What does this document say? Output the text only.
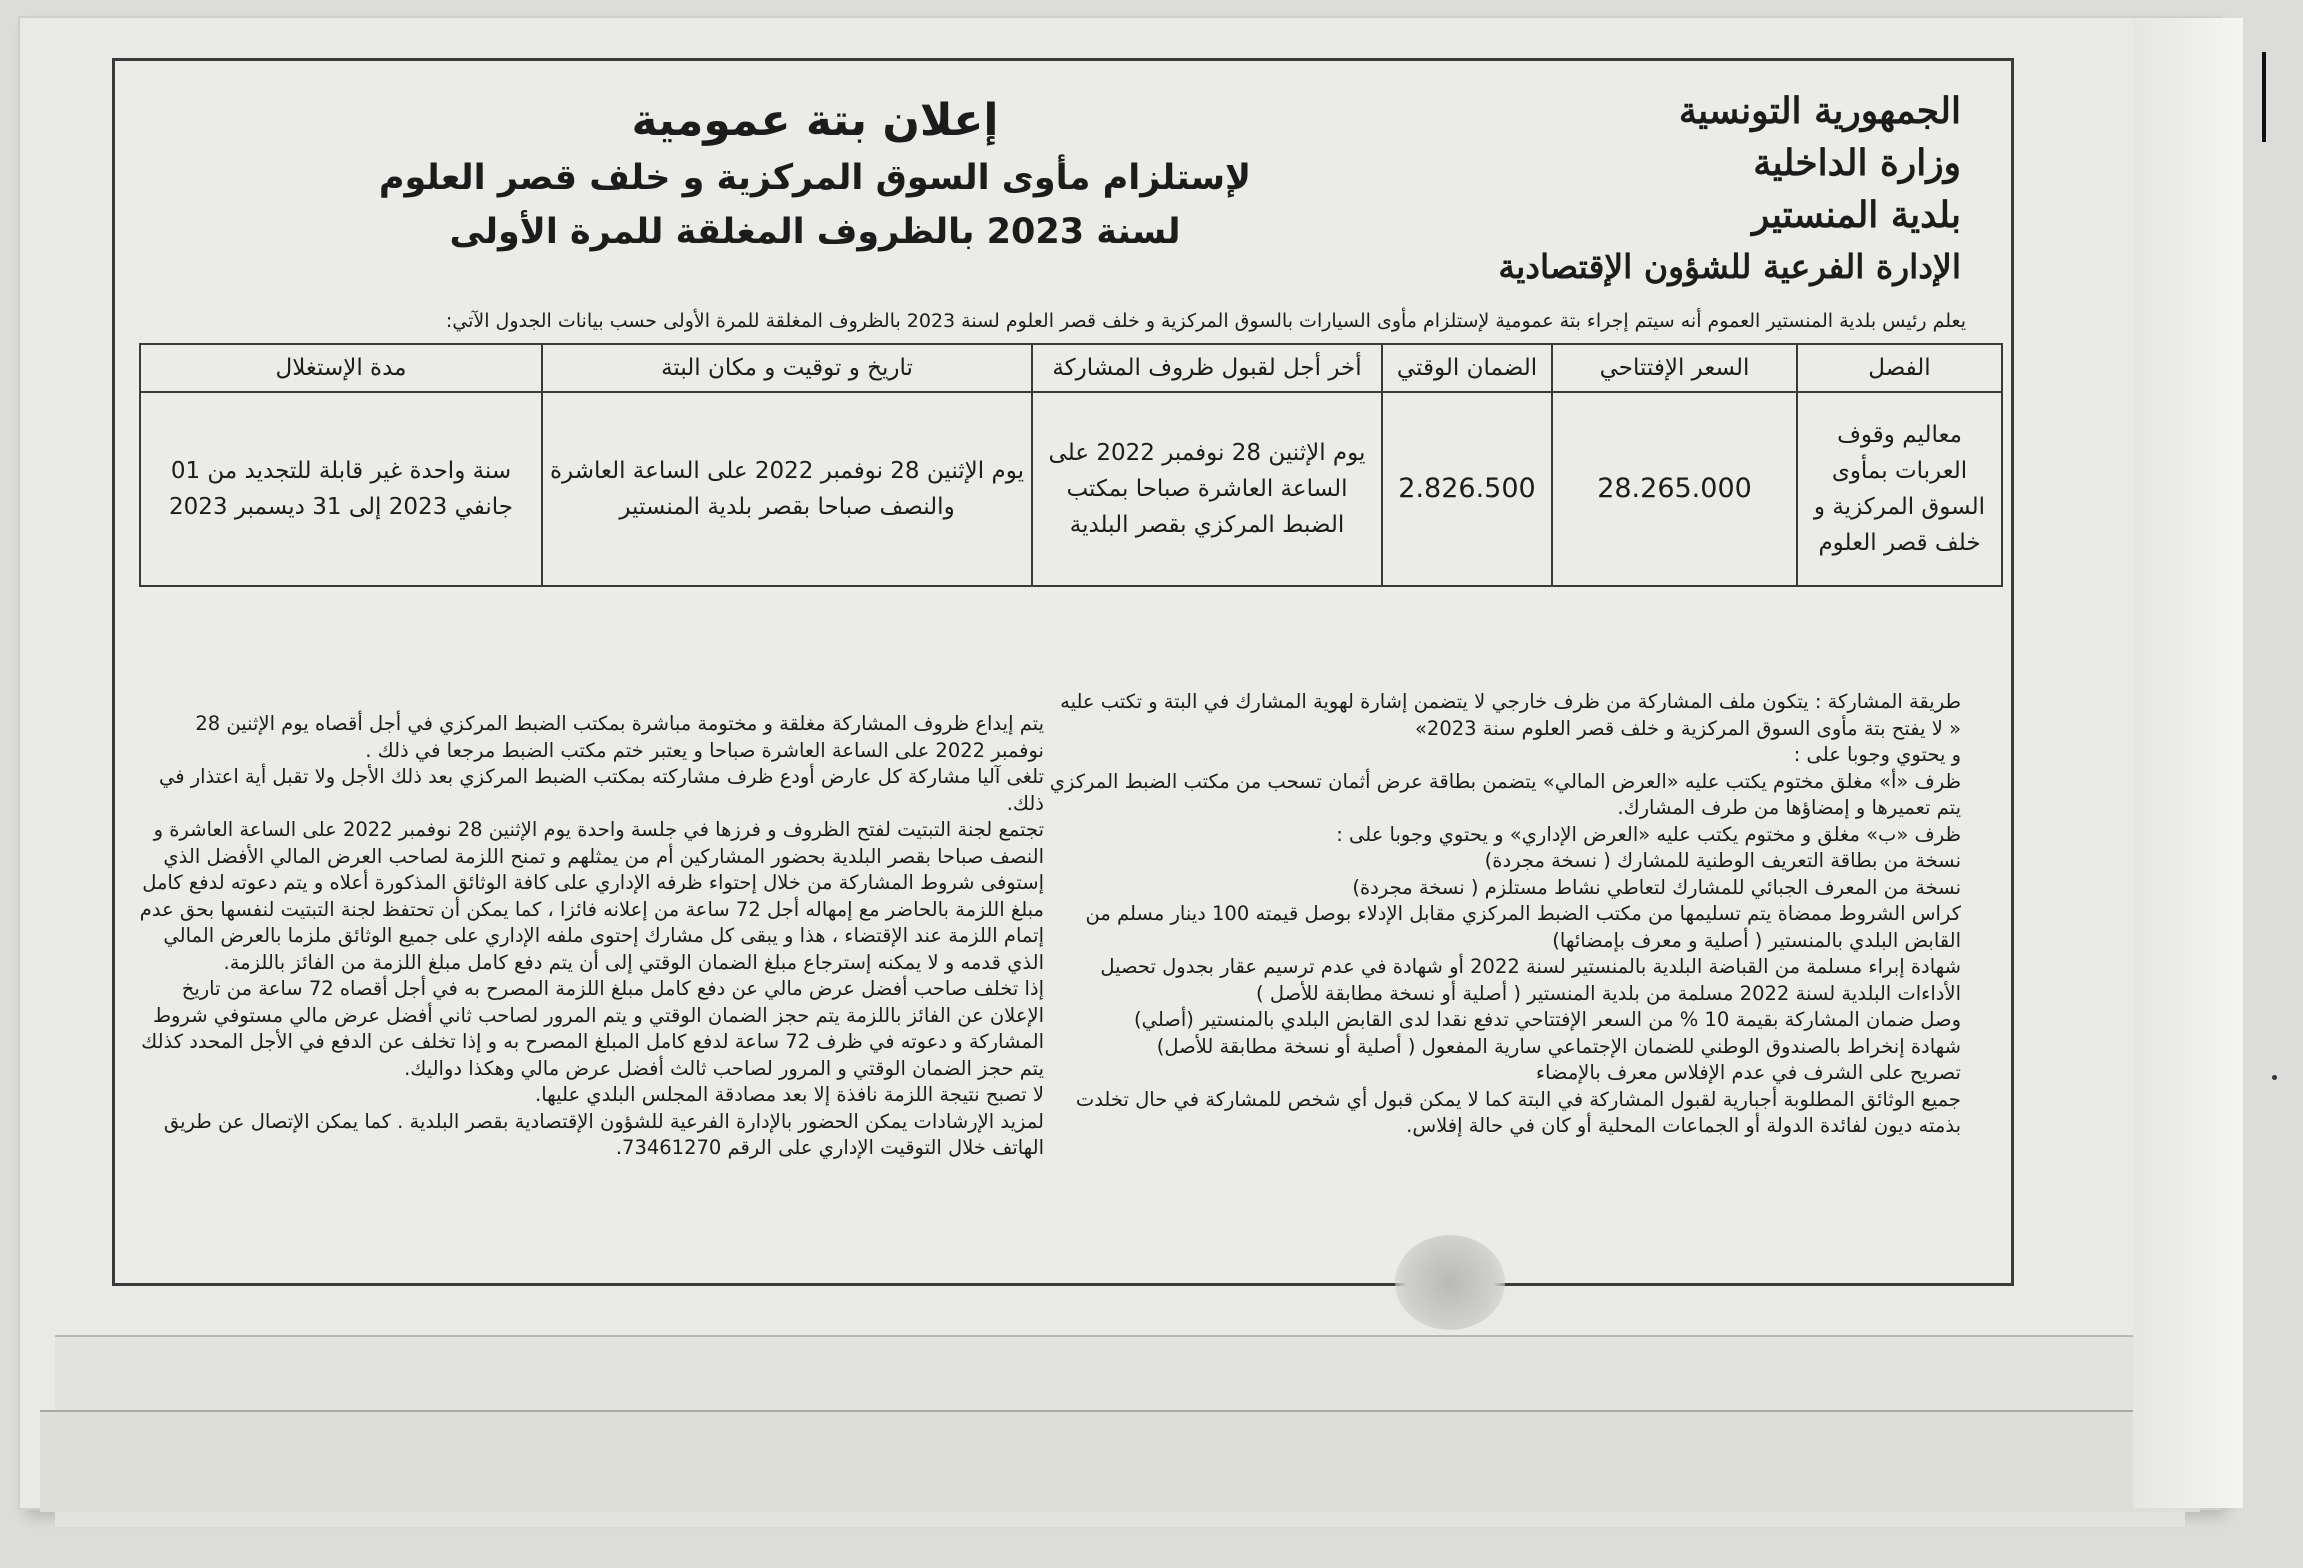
الجمهورية التونسية
وزارة الداخلية
بلدية المنستير
الإدارة الفرعية للشؤون الإقتصادية
إعلان بتة عمومية
لإستلزام مأوى السوق المركزية و خلف قصر العلوم
لسنة 2023 بالظروف المغلقة للمرة الأولى
يعلم رئيس بلدية المنستير العموم أنه سيتم إجراء بتة عمومية لإستلزام مأوى السيارات بالسوق المركزية و خلف قصر العلوم لسنة 2023 بالظروف المغلقة للمرة الأولى حسب بيانات الجدول الآتي:
الفصل	السعر الإفتتاحي	الضمان الوقتي	أخر أجل لقبول ظروف المشاركة	تاريخ و توقيت و مكان البتة	مدة الإستغلال
معاليم وقوف العربات بمأوى السوق المركزية و خلف قصر العلوم	28.265.000	2.826.500	يوم الإثنين 28 نوفمبر 2022 على الساعة العاشرة صباحا بمكتب الضبط المركزي بقصر البلدية	يوم الإثنين 28 نوفمبر 2022 على الساعة العاشرة والنصف صباحا بقصر بلدية المنستير	سنة واحدة غير قابلة للتجديد من 01 جانفي 2023 إلى 31 ديسمبر 2023

طريقة المشاركة : يتكون ملف المشاركة من ظرف خارجي لا يتضمن إشارة لهوية المشارك في البتة و تكتب عليه « لا يفتح بتة مأوى السوق المركزية و خلف قصر العلوم سنة 2023»

و يحتوي وجوبا على :

ظرف «أ» مغلق مختوم يكتب عليه «العرض المالي» يتضمن بطاقة عرض أثمان تسحب من مكتب الضبط المركزي يتم تعميرها و إمضاؤها من طرف المشارك.

ظرف «ب» مغلق و مختوم يكتب عليه «العرض الإداري» و يحتوي وجوبا على :

نسخة من بطاقة التعريف الوطنية للمشارك ( نسخة مجردة)

نسخة من المعرف الجبائي للمشارك لتعاطي نشاط مستلزم ( نسخة مجردة)

كراس الشروط ممضاة يتم تسليمها من مكتب الضبط المركزي مقابل الإدلاء بوصل قيمته 100 دينار مسلم من القابض البلدي بالمنستير ( أصلية و معرف بإمضائها)

شهادة إبراء مسلمة من القباضة البلدية بالمنستير لسنة 2022 أو شهادة في عدم ترسيم عقار بجدول تحصيل الأداءات البلدية لسنة 2022 مسلمة من بلدية المنستير ( أصلية أو نسخة مطابقة للأصل )

وصل ضمان المشاركة بقيمة 10 % من السعر الإفتتاحي تدفع نقدا لدى القابض البلدي بالمنستير (أصلي)

شهادة إنخراط بالصندوق الوطني للضمان الإجتماعي سارية المفعول ( أصلية أو نسخة مطابقة للأصل)

تصريح على الشرف في عدم الإفلاس معرف بالإمضاء

جميع الوثائق المطلوبة أجبارية لقبول المشاركة في البتة كما لا يمكن قبول أي شخص للمشاركة في حال تخلدت بذمته ديون لفائدة الدولة أو الجماعات المحلية أو كان في حالة إفلاس.

يتم إيداع ظروف المشاركة مغلقة و مختومة مباشرة بمكتب الضبط المركزي في أجل أقصاه يوم الإثنين 28 نوفمبر 2022 على الساعة العاشرة صباحا و يعتبر ختم مكتب الضبط مرجعا في ذلك .

تلغى آليا مشاركة كل عارض أودع ظرف مشاركته بمكتب الضبط المركزي بعد ذلك الأجل ولا تقبل أية اعتذار في ذلك.

تجتمع لجنة التبتيت لفتح الظروف و فرزها في جلسة واحدة يوم الإثنين 28 نوفمبر 2022 على الساعة العاشرة و النصف صباحا بقصر البلدية بحضور المشاركين أم من يمثلهم و تمنح اللزمة لصاحب العرض المالي الأفضل الذي إستوفى شروط المشاركة من خلال إحتواء ظرفه الإداري على كافة الوثائق المذكورة أعلاه و يتم دعوته لدفع كامل مبلغ اللزمة بالحاضر مع إمهاله أجل 72 ساعة من إعلانه فائزا ، كما يمكن أن تحتفظ لجنة التبتيت لنفسها بحق عدم إتمام اللزمة عند الإقتضاء ، هذا و يبقى كل مشارك إحتوى ملفه الإداري على جميع الوثائق ملزما بالعرض المالي الذي قدمه و لا يمكنه إسترجاع مبلغ الضمان الوقتي إلى أن يتم دفع كامل مبلغ اللزمة من الفائز باللزمة.

إذا تخلف صاحب أفضل عرض مالي عن دفع كامل مبلغ اللزمة المصرح به في أجل أقصاه 72 ساعة من تاريخ الإعلان عن الفائز باللزمة يتم حجز الضمان الوقتي و يتم المرور لصاحب ثاني أفضل عرض مالي مستوفي شروط المشاركة و دعوته في ظرف 72 ساعة لدفع كامل المبلغ المصرح به و إذا تخلف عن الدفع في الأجل المحدد كذلك يتم حجز الضمان الوقتي و المرور لصاحب ثالث أفضل عرض مالي وهكذا دواليك.

لا تصبح نتيجة اللزمة نافذة إلا بعد مصادقة المجلس البلدي عليها.

لمزيد الإرشادات يمكن الحضور بالإدارة الفرعية للشؤون الإقتصادية بقصر البلدية . كما يمكن الإتصال عن طريق الهاتف خلال التوقيت الإداري على الرقم 73461270.
